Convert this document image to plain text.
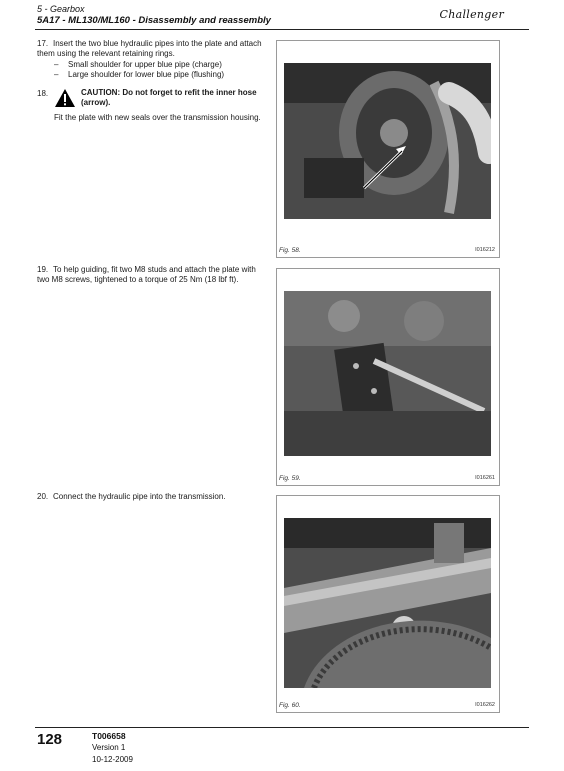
5 - Gearbox
5A17 - ML130/ML160 - Disassembly and reassembly	Challenger
17. Insert the two blue hydraulic pipes into the plate and attach them using the relevant retaining rings.
– Small shoulder for upper blue pipe (charge)
– Large shoulder for lower blue pipe (flushing)
18.	CAUTION: Do not forget to refit the inner hose (arrow).
Fit the plate with new seals over the transmission housing.
Fig. 58.	I016212
19. To help guiding, fit two M8 studs and attach the plate with two M8 screws, tightened to a torque of 25 Nm (18 lbf ft).
Fig. 59.	I016261
20. Connect the hydraulic pipe into the transmission.
Fig. 60.	I016262
128	T006658
Version 1
10-12-2009
